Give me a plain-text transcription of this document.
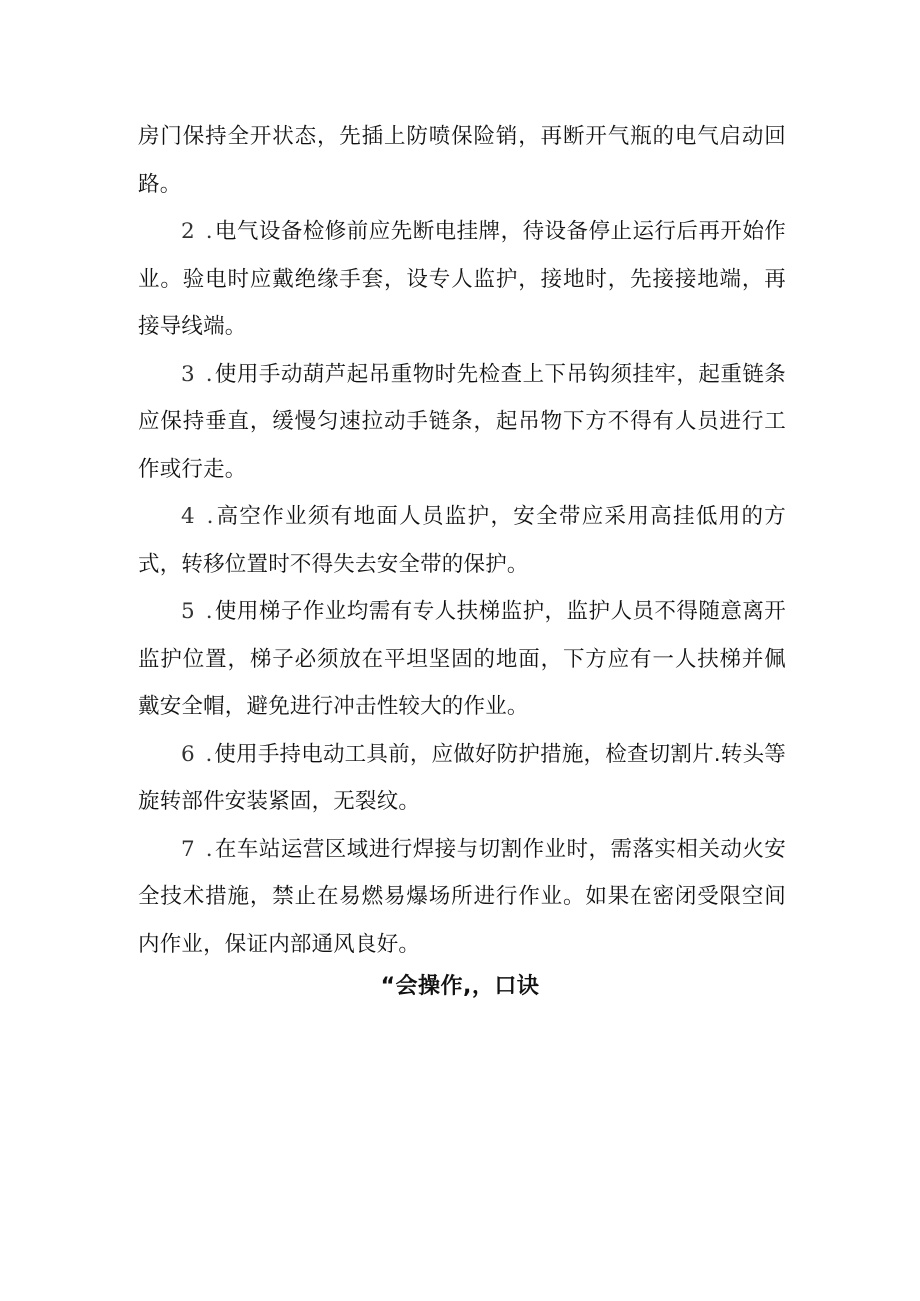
房门保持全开状态，先插上防喷保险销，再断开气瓶的电气启动回路。

2 .电气设备检修前应先断电挂牌，待设备停止运行后再开始作业。验电时应戴绝缘手套，设专人监护，接地时，先接接地端，再接导线端。

3 .使用手动葫芦起吊重物时先检查上下吊钩须挂牢，起重链条应保持垂直，缓慢匀速拉动手链条，起吊物下方不得有人员进行工作或行走。

4 .高空作业须有地面人员监护，安全带应采用高挂低用的方式，转移位置时不得失去安全带的保护。

5 .使用梯子作业均需有专人扶梯监护，监护人员不得随意离开监护位置，梯子必须放在平坦坚固的地面，下方应有一人扶梯并佩戴安全帽，避免进行冲击性较大的作业。

6 .使用手持电动工具前，应做好防护措施，检查切割片.转头等旋转部件安装紧固，无裂纹。

7 .在车站运营区域进行焊接与切割作业时，需落实相关动火安全技术措施，禁止在易燃易爆场所进行作业。如果在密闭受限空间内作业，保证内部通风良好。

“会操作,，口诀
